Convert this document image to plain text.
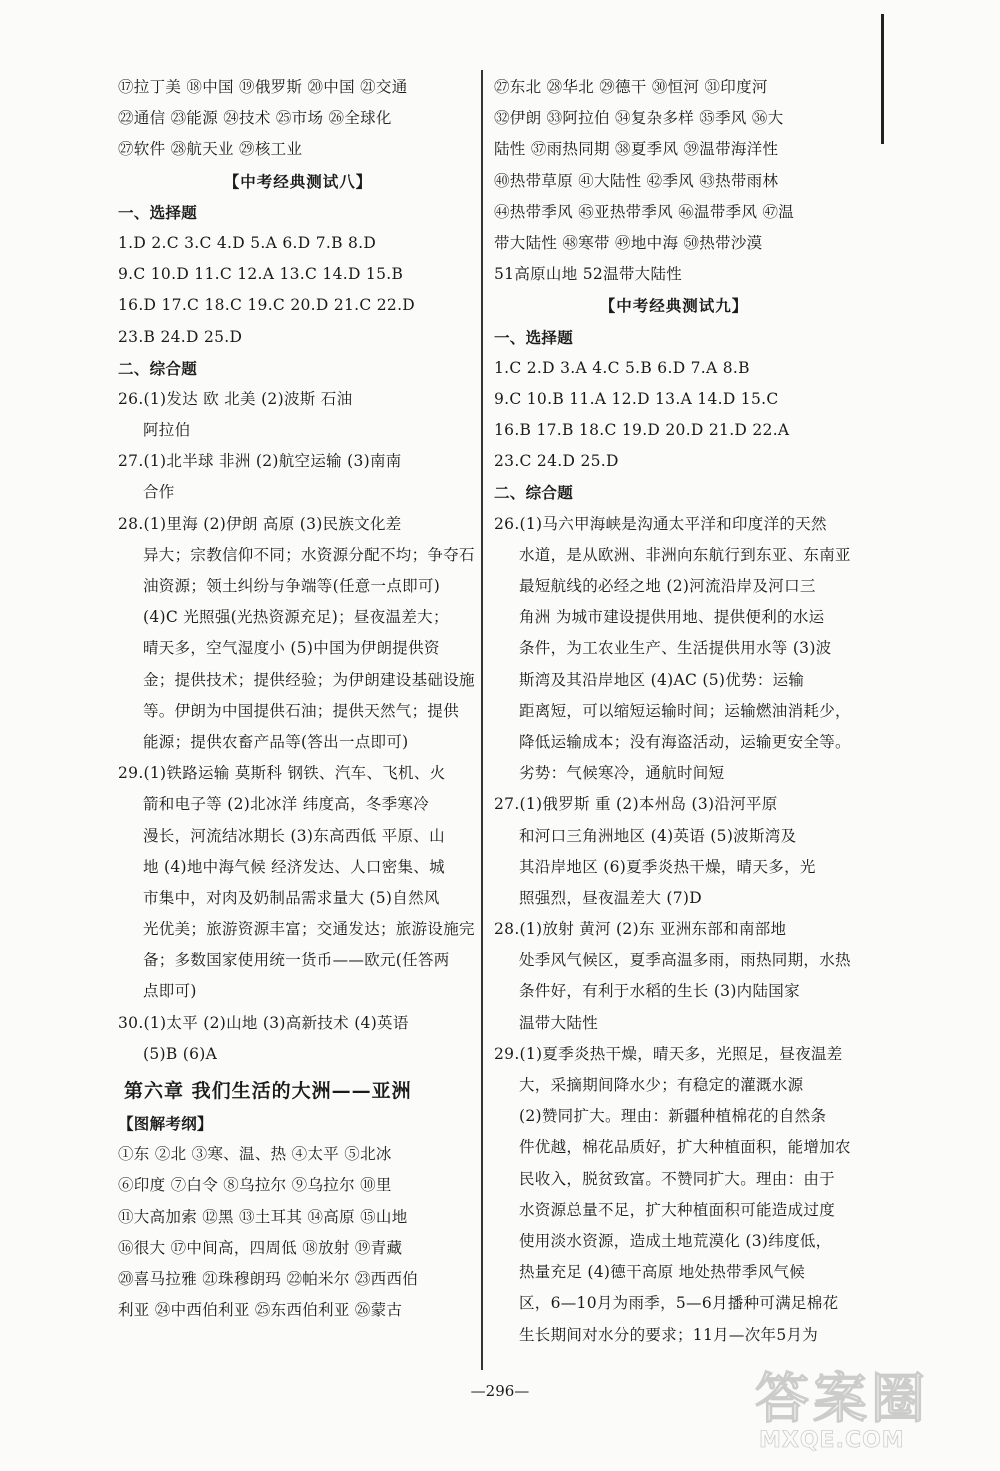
⑰拉丁美 ⑱中国 ⑲俄罗斯 ⑳中国 ㉑交通
㉒通信 ㉓能源 ㉔技术 ㉕市场 ㉖全球化
㉗软件 ㉘航天业 ㉙核工业
【中考经典测试八】
一、选择题
1.D 2.C 3.C 4.D 5.A 6.D 7.B 8.D
9.C 10.D 11.C 12.A 13.C 14.D 15.B
16.D 17.C 18.C 19.C 20.D 21.C 22.D
23.B 24.D 25.D
二、综合题
26.(1)发达 欧 北美 (2)波斯 石油
阿拉伯
27.(1)北半球 非洲 (2)航空运输 (3)南南
合作
28.(1)里海 (2)伊朗 高原 (3)民族文化差
异大；宗教信仰不同；水资源分配不均；争夺石
油资源；领土纠纷与争端等(任意一点即可)
(4)C 光照强(光热资源充足)；昼夜温差大；
晴天多，空气湿度小 (5)中国为伊朗提供资
金；提供技术；提供经验；为伊朗建设基础设施
等。伊朗为中国提供石油；提供天然气；提供
能源；提供农畜产品等(答出一点即可)
29.(1)铁路运输 莫斯科 钢铁、汽车、飞机、火
箭和电子等 (2)北冰洋 纬度高，冬季寒冷
漫长，河流结冰期长 (3)东高西低 平原、山
地 (4)地中海气候 经济发达、人口密集、城
市集中，对肉及奶制品需求量大 (5)自然风
光优美；旅游资源丰富；交通发达；旅游设施完
备；多数国家使用统一货币——欧元(任答两
点即可)
30.(1)太平 (2)山地 (3)高新技术 (4)英语
(5)B (6)A
第六章 我们生活的大洲——亚洲
【图解考纲】
①东 ②北 ③寒、温、热 ④太平 ⑤北冰
⑥印度 ⑦白令 ⑧乌拉尔 ⑨乌拉尔 ⑩里
⑪大高加索 ⑫黑 ⑬土耳其 ⑭高原 ⑮山地
⑯很大 ⑰中间高，四周低 ⑱放射 ⑲青藏
⑳喜马拉雅 ㉑珠穆朗玛 ㉒帕米尔 ㉓西西伯
利亚 ㉔中西伯利亚 ㉕东西伯利亚 ㉖蒙古
㉗东北 ㉘华北 ㉙德干 ㉚恒河 ㉛印度河
㉜伊朗 ㉝阿拉伯 ㉞复杂多样 ㉟季风 ㊱大
陆性 ㊲雨热同期 ㊳夏季风 ㊴温带海洋性
㊵热带草原 ㊶大陆性 ㊷季风 ㊸热带雨林
㊹热带季风 ㊺亚热带季风 ㊻温带季风 ㊼温
带大陆性 ㊽寒带 ㊾地中海 ㊿热带沙漠
51高原山地 52温带大陆性
【中考经典测试九】
一、选择题
1.C 2.D 3.A 4.C 5.B 6.D 7.A 8.B
9.C 10.B 11.A 12.D 13.A 14.D 15.C
16.B 17.B 18.C 19.D 20.D 21.D 22.A
23.C 24.D 25.D
二、综合题
26.(1)马六甲海峡是沟通太平洋和印度洋的天然
水道，是从欧洲、非洲向东航行到东亚、东南亚
最短航线的必经之地 (2)河流沿岸及河口三
角洲 为城市建设提供用地、提供便利的水运
条件，为工农业生产、生活提供用水等 (3)波
斯湾及其沿岸地区 (4)AC (5)优势：运输
距离短，可以缩短运输时间；运输燃油消耗少，
降低运输成本；没有海盗活动，运输更安全等。
劣势：气候寒冷，通航时间短
27.(1)俄罗斯 重 (2)本州岛 (3)沿河平原
和河口三角洲地区 (4)英语 (5)波斯湾及
其沿岸地区 (6)夏季炎热干燥，晴天多，光
照强烈，昼夜温差大 (7)D
28.(1)放射 黄河 (2)东 亚洲东部和南部地
处季风气候区，夏季高温多雨，雨热同期，水热
条件好，有利于水稻的生长 (3)内陆国家
温带大陆性
29.(1)夏季炎热干燥，晴天多，光照足，昼夜温差
大，采摘期间降水少；有稳定的灌溉水源
(2)赞同扩大。理由：新疆种植棉花的自然条
件优越，棉花品质好，扩大种植面积，能增加农
民收入，脱贫致富。不赞同扩大。理由：由于
水资源总量不足，扩大种植面积可能造成过度
使用淡水资源，造成土地荒漠化 (3)纬度低，
热量充足 (4)德干高原 地处热带季风气候
区，6—10月为雨季，5—6月播种可满足棉花
生长期间对水分的要求；11月—次年5月为
—296—	答案圈
MXQE.COM
